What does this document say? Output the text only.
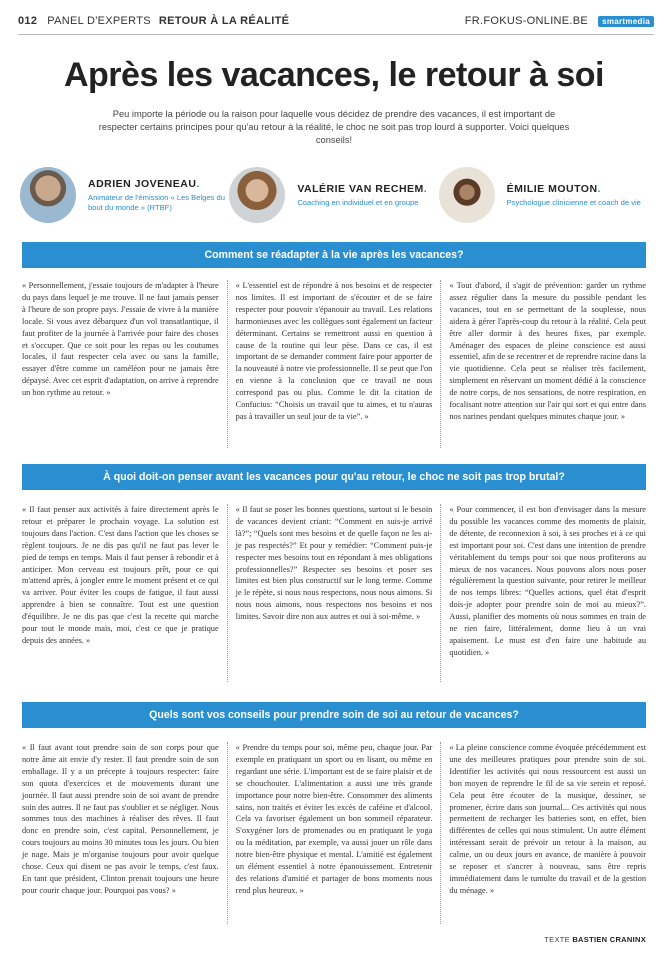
012 PANEL D'EXPERTS RETOUR À LA RÉALITÉ	FR.FOKUS-ONLINE.BE	smartmedia
Après les vacances, le retour à soi

Peu importe la période ou la raison pour laquelle vous décidez de prendre des vacances, il est important de respecter certains principes pour qu'au retour à la réalité, le choc ne soit pas trop lourd à supporter. Voici quelques conseils!

ADRIEN JOVENEAU.
Animateur de l'émission « Les Belges du bout du monde » (RTBF)
VALÉRIE VAN RECHEM.
Coaching en individuel et en groupe
ÉMILIE MOUTON.
Psychologue clinicienne et coach de vie
Comment se réadapter à la vie après les vacances?
« Personnellement, j'essaie toujours de m'adapter à l'heure du pays dans lequel je me trouve. Il ne faut jamais penser à l'heure de son propre pays. J'essaie de vivre à la manière locale. Si vous avez débarquez d'un vol transatlantique, il faut profiter de la journée à l'arrivée pour faire des choses et s'occuper. Que ce soit pour les repas ou les coutumes locales, il faut respecter cela avec ou sans la famille, essayer d'être comme un caméléon pour ne jamais être dépaysé. Avec cet esprit d'adaptation, on arrive à reprendre un bon rythme au retour. »
« L'essentiel est de répondre à nos besoins et de respecter nos limites. Il est important de s'écouter et de se faire respecter pour pouvoir s'épanouir au travail. Les relations harmonieuses avec les collègues sont également un facteur déterminant. Certains se remettront aussi en question à cause de la routine qui leur pèse. Dans ce cas, il est important de se demander comment faire pour apporter de la nouveauté à notre vie professionnelle. Il se peut que l'on en vienne à la conclusion que ce travail ne nous correspond pas ou plus. Comme le dit la citation de Confucius: “Choisis un travail que tu aimes, et tu n'auras pas à travailler un seul jour de ta vie”. »
« Tout d'abord, il s'agit de prévention: garder un rythme assez régulier dans la mesure du possible pendant les vacances, tout en se permettant de la souplesse, nous aidera à gérer l'après-coup du retour à la réalité. Cela peut être aller dormir à des heures fixes, par exemple. Aménager des espaces de pleine conscience est aussi essentiel, afin de se recentrer et de reprendre racine dans la vie quotidienne. Cela peut se réaliser très facilement, simplement en réservant un moment dédié à la conscience de notre corps, de nos sensations, de notre respiration, en focalisant notre attention sur l'air qui sort et qui entre dans nos narines pendant quelques minutes chaque jour. »
À quoi doit-on penser avant les vacances pour qu'au retour, le choc ne soit pas trop brutal?
« Il faut penser aux activités à faire directement après le retour et préparer le prochain voyage. La solution est toujours dans l'action. C'est dans l'action que les choses se règlent toujours. Je ne dis pas qu'il ne faut pas lever le pied de temps en temps. Mais il faut penser à rebondir et à anticiper. Mon cerveau est toujours prêt, pour ce qui m'attend après, à jongler entre le moment présent et ce qui va arriver. Pour éviter les coups de fatigue, il faut aussi apprendre à bien se connaître. Tout est une question d'équilibre. Je ne dis pas que c'est la recette qui marche pour tout le monde mais, moi, c'est ce que je pratique depuis des années. »
« Il faut se poser les bonnes questions, surtout si le besoin de vacances devient criant: “Comment en suis-je arrivé là?”; “Quels sont mes besoins et de quelle façon ne les ai-je pas respectés?” Et pour y remédier: “Comment puis-je respecter mes besoins tout en répondant à mes obligations professionnelles?” Respecter ses besoins et poser ses limites est bien plus constructif sur le long terme. Comme je le répète, si nous nous respectons, nous nous aimons. Si nous nous aimons, nous respectons nos besoins et nos limites. Savoir dire non aux autres et oui à soi-même. »
« Pour commencer, il est bon d'envisager dans la mesure du possible les vacances comme des moments de plaisir, de détente, de reconnexion à soi, à ses proches et à ce qui est important pour soi. C'est dans une intention de prendre véritablement du temps pour soi que nous profiterons au mieux de nos vacances. Nous pouvons alors nous poser régulièrement la question suivante, pour retirer le meilleur de nos temps libres: “Quelles actions, quel état d'esprit dois-je adopter pour prendre soin de moi au mieux?”. Aussi, planifier des moments où nous sommes en train de ne rien faire, littéralement, donne lieu à un vrai apaisement. Le must est d'en faire une habitude au quotidien. »
Quels sont vos conseils pour prendre soin de soi au retour de vacances?
« Il faut avant tout prendre soin de son corps pour que notre âme ait envie d'y rester. Il faut prendre soin de son emballage. Il y a un précepte à toujours respecter: faire son quota d'exercices et de mouvements durant une journée. Il faut aussi prendre soin de soi avant de prendre soin des autres. Il ne faut pas s'oublier et se négliger. Nous sommes tous des machines à réaliser des rêves. Il faut donc en prendre soin, c'est capital. Personnellement, je cours toujours au moins 30 minutes tous les jours. Ou bien je nage. Mais je m'organise toujours pour avoir quelque chose. Ceux qui disent ne pas avoir le temps, c'est faux. En tant que président, Clinton prenait toujours une heure pour courir chaque jour. Pourquoi pas vous? »
« Prendre du temps pour soi, même peu, chaque jour. Par exemple en pratiquant un sport ou en lisant, ou même en regardant une série. L'important est de se faire plaisir et de se chouchouter. L'alimentation a aussi une très grande importance pour notre bien-être. Consommer des aliments sains, non traités et éviter les excès de caféine et d'alcool. Cela va favoriser également un bon sommeil réparateur. S'oxygéner lors de promenades ou en pratiquant le yoga ou la méditation, par exemple, va aussi jouer un rôle dans notre bien-être physique et mental. L'amitié est également un élément essentiel à notre épanouissement. Entretenir des relations d'amitié et partager de bons moments nous rend plus heureux. »
« La pleine conscience comme évoquée précédemment est une des meilleures pratiques pour prendre soin de soi. Identifier les activités qui nous ressourcent est aussi un bon moyen de reprendre le fil de sa vie serein et reposé. Cela peut être écouter de la musique, dessiner, se promener, écrire dans son journal... Ces activités qui nous permettent de recharger les batteries sont, en effet, bien différentes de celles qui nous stimulent. Un autre élément intéressant serait de prévoir un retour à la maison, au calme, un ou deux jours en avance, de manière à pouvoir se reposer et s'ancrer à nouveau, sans être repris immédiatement dans le tumulte du travail et de la gestion du ménage. »
TEXTE BASTIEN CRANINX
